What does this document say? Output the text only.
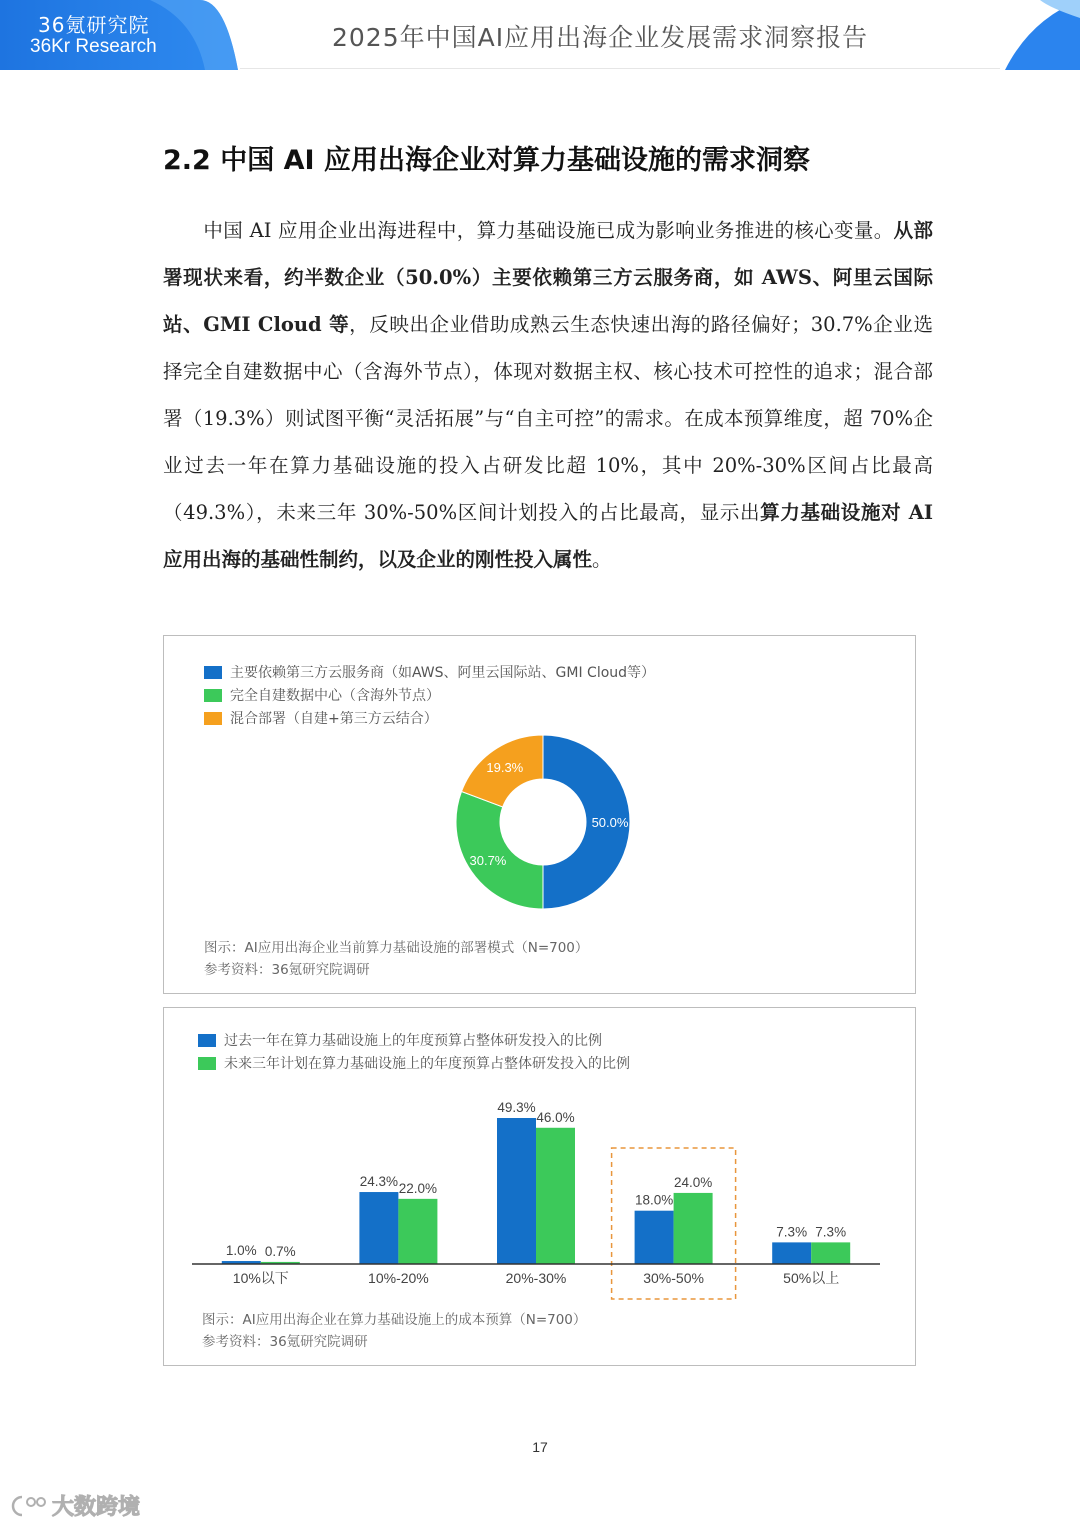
36氪研究院
36Kr Research	2025年中国AI应用出海企业发展需求洞察报告
2.2 中国 AI 应用出海企业对算力基础设施的需求洞察
中国 AI 应用企业出海进程中，算力基础设施已成为影响业务推进的核心变量。从部署现状来看，约半数企业（50.0%）主要依赖第三方云服务商，如 AWS、阿里云国际站、GMI Cloud 等，反映出企业借助成熟云生态快速出海的路径偏好；30.7%企业选择完全自建数据中心（含海外节点），体现对数据主权、核心技术可控性的追求；混合部署（19.3%）则试图平衡“灵活拓展”与“自主可控”的需求。在成本预算维度，超 70%企业过去一年在算力基础设施的投入占研发比超 10%，其中 20%-30%区间占比最高（49.3%），未来三年 30%-50%区间计划投入的占比最高，显示出算力基础设施对 AI 应用出海的基础性制约，以及企业的刚性投入属性。
主要依赖第三方云服务商（如AWS、阿里云国际站、GMI Cloud等）
完全自建数据中心（含海外节点）
混合部署（自建+第三方云结合）
50.0%
30.7%
19.3%
图示：AI应用出海企业当前算力基础设施的部署模式（N=700）
参考资料：36氪研究院调研
过去一年在算力基础设施上的年度预算占整体研发投入的比例
未来三年计划在算力基础设施上的年度预算占整体研发投入的比例
1.0% 0.7%
10%以下
24.3% 22.0%
10%-20%
49.3%
46.0%
20%-30%
18.0%
24.0%
30%-50%
7.3% 7.3%
50%以上
图示：AI应用出海企业在算力基础设施上的成本预算（N=700）
参考资料：36氪研究院调研
17
大数跨境
